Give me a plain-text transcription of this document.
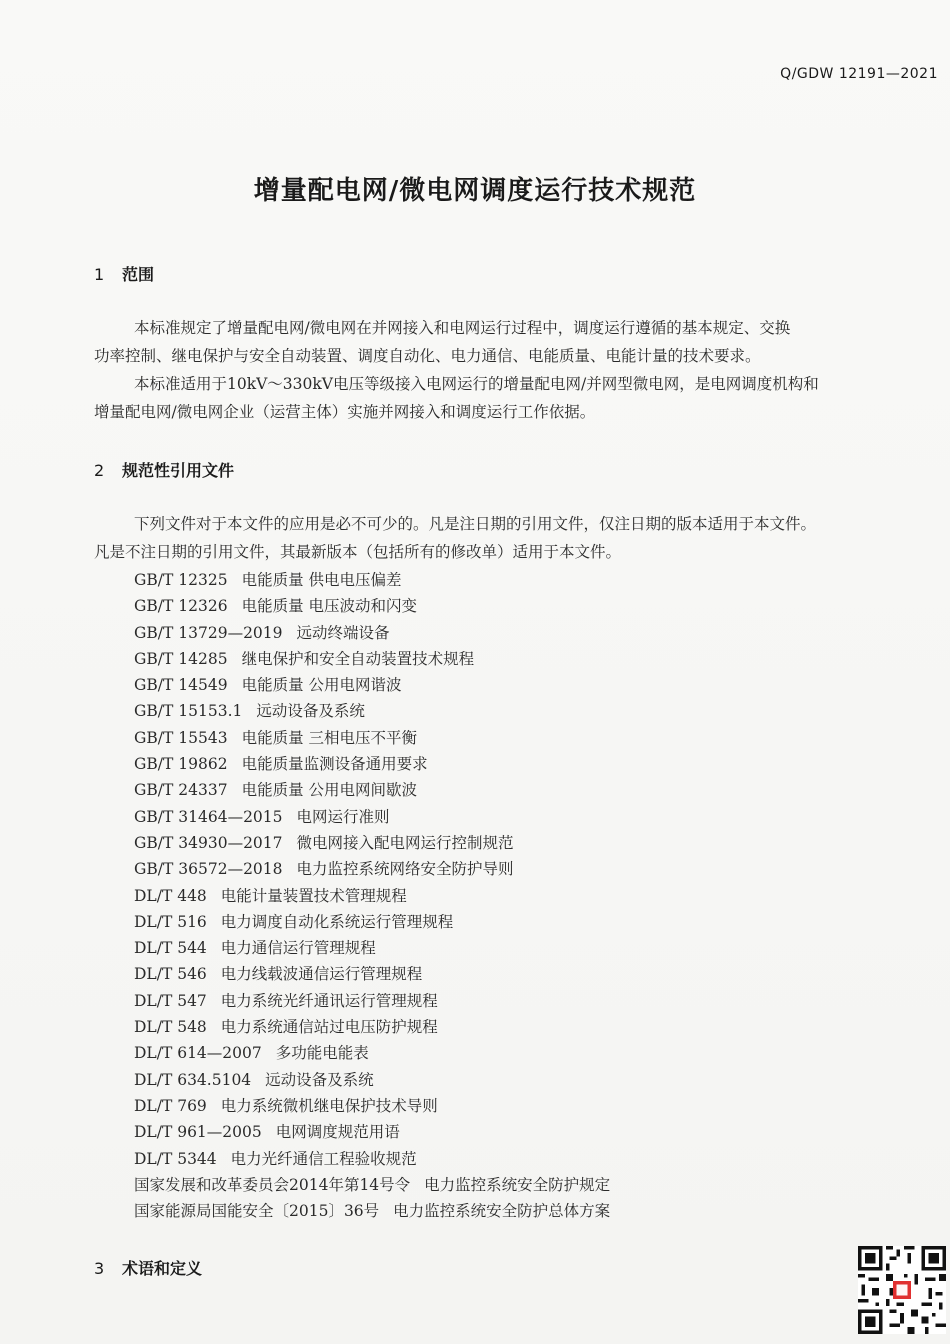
Q/GDW 12191—2021
增量配电网/微电网调度运行技术规范
1 范围
本标准规定了增量配电网/微电网在并网接入和电网运行过程中，调度运行遵循的基本规定、交换
功率控制、继电保护与安全自动装置、调度自动化、电力通信、电能质量、电能计量的技术要求。
本标准适用于10kV～330kV电压等级接入电网运行的增量配电网/并网型微电网，是电网调度机构和
增量配电网/微电网企业（运营主体）实施并网接入和调度运行工作依据。
2 规范性引用文件
下列文件对于本文件的应用是必不可少的。凡是注日期的引用文件，仅注日期的版本适用于本文件。
凡是不注日期的引用文件，其最新版本（包括所有的修改单）适用于本文件。
GB/T 12325 电能质量 供电电压偏差
GB/T 12326 电能质量 电压波动和闪变
GB/T 13729—2019 远动终端设备
GB/T 14285 继电保护和安全自动装置技术规程
GB/T 14549 电能质量 公用电网谐波
GB/T 15153.1 远动设备及系统
GB/T 15543 电能质量 三相电压不平衡
GB/T 19862 电能质量监测设备通用要求
GB/T 24337 电能质量 公用电网间歇波
GB/T 31464—2015 电网运行准则
GB/T 34930—2017 微电网接入配电网运行控制规范
GB/T 36572—2018 电力监控系统网络安全防护导则
DL/T 448 电能计量装置技术管理规程
DL/T 516 电力调度自动化系统运行管理规程
DL/T 544 电力通信运行管理规程
DL/T 546 电力线载波通信运行管理规程
DL/T 547 电力系统光纤通讯运行管理规程
DL/T 548 电力系统通信站过电压防护规程
DL/T 614—2007 多功能电能表
DL/T 634.5104 远动设备及系统
DL/T 769 电力系统微机继电保护技术导则
DL/T 961—2005 电网调度规范用语
DL/T 5344 电力光纤通信工程验收规范
国家发展和改革委员会2014年第14号令 电力监控系统安全防护规定
国家能源局国能安全〔2015〕36号 电力监控系统安全防护总体方案
3 术语和定义
